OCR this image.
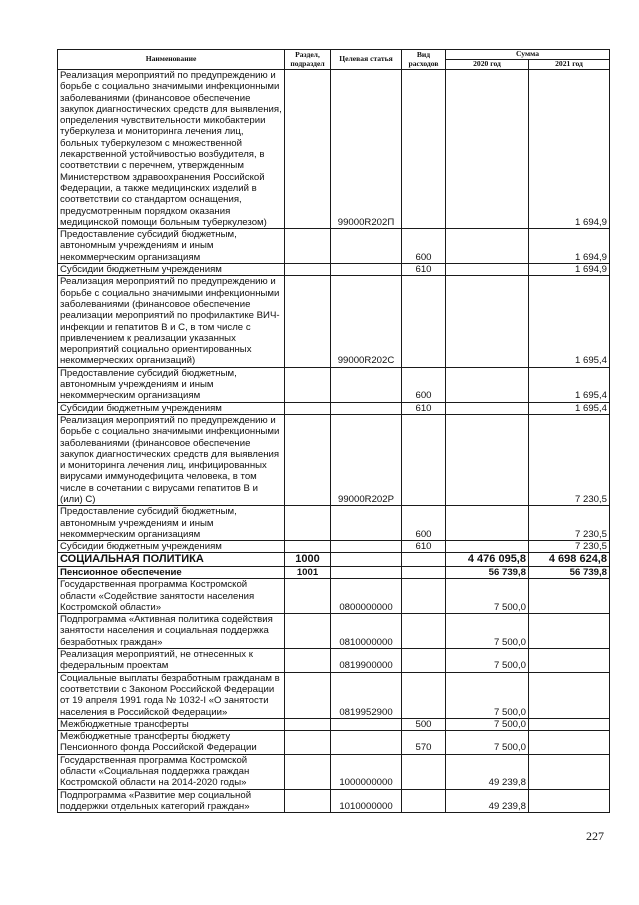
Наименование	Раздел, подраздел	Целевая статья	Вид расходов	Сумма	
				2020 год	2021 год
Реализация мероприятий по предупреждению и борьбе с социально значимыми инфекционными заболеваниями (финансовое обеспечение закупок диагностических средств для выявления, определения чувствительности микобактерии туберкулеза и мониторинга лечения лиц, больных туберкулезом с множественной лекарственной устойчивостью возбудителя, в соответствии с перечнем, утвержденным Министерством здравоохранения Российской Федерации, а также медицинских изделий в соответствии со стандартом оснащения, предусмотренным порядком оказания медицинской помощи больным туберкулезом)		99000R202П			1 694,9
Предоставление субсидий бюджетным, автономным учреждениям и иным некоммерческим организациям			600		1 694,9
Субсидии бюджетным учреждениям			610		1 694,9
Реализация мероприятий по предупреждению и борьбе с социально значимыми инфекционными заболеваниями (финансовое обеспечение реализации мероприятий по профилактике ВИЧ- инфекции и гепатитов В и С, в том числе с привлечением к реализации указанных мероприятий социально ориентированных некоммерческих организаций)		99000R202С			1 695,4
Предоставление субсидий бюджетным, автономным учреждениям и иным некоммерческим организациям			600		1 695,4
Субсидии бюджетным учреждениям			610		1 695,4
Реализация мероприятий по предупреждению и борьбе с социально значимыми инфекционными заболеваниями (финансовое обеспечение закупок диагностических средств для выявления и мониторинга лечения лиц, инфицированных вирусами иммунодефицита человека, в том числе в сочетании с вирусами гепатитов В и (или) С)		99000R202Р			7 230,5
Предоставление субсидий бюджетным, автономным учреждениям и иным некоммерческим организациям			600		7 230,5
Субсидии бюджетным учреждениям			610		7 230,5
СОЦИАЛЬНАЯ ПОЛИТИКА	1000			4 476 095,8	4 698 624,8
Пенсионное обеспечение	1001			56 739,8	56 739,8
Государственная программа Костромской области «Содействие занятости населения Костромской области»		0800000000		7 500,0	
Подпрограмма «Активная политика содействия занятости населения и социальная поддержка безработных граждан»		0810000000		7 500,0	
Реализация мероприятий, не отнесенных к федеральным проектам		0819900000		7 500,0	
Социальные выплаты безработным гражданам в соответствии с Законом Российской Федерации от 19 апреля 1991 года № 1032-I «О занятости населения в Российской Федерации»		0819952900		7 500,0	
Межбюджетные трансферты			500	7 500,0	
Межбюджетные трансферты бюджету Пенсионного фонда Российской Федерации			570	7 500,0	
Государственная программа Костромской области «Социальная поддержка граждан Костромской области на 2014-2020 годы»		1000000000		49 239,8	
Подпрограмма «Развитие мер социальной поддержки отдельных категорий граждан»		1010000000		49 239,8	
227
